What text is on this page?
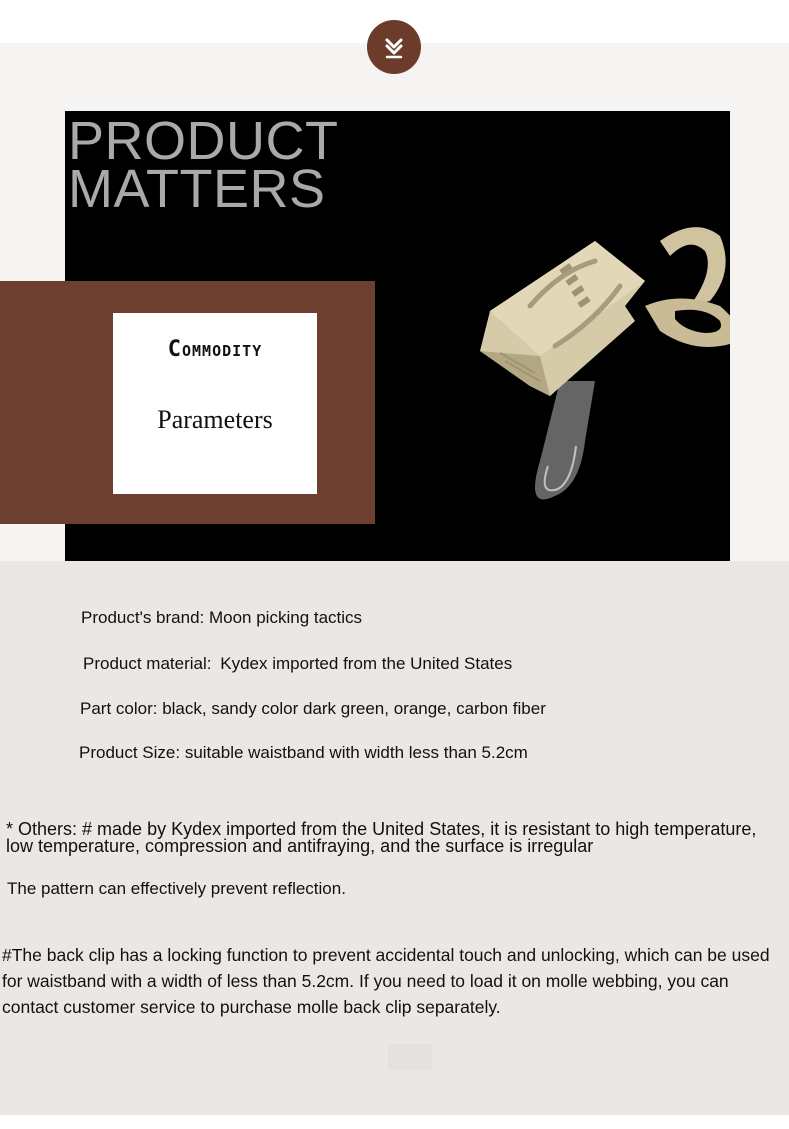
PRODUCT
MATTERS
Commodity
Parameters
Product's brand: Moon picking tactics
Product material: Kydex imported from the United States
Part color: black, sandy color dark green, orange, carbon fiber
Product Size: suitable waistband with width less than 5.2cm
* Others: # made by Kydex imported from the United States, it is resistant to high temperature, low temperature, compression and antifraying, and the surface is irregular
The pattern can effectively prevent reflection.
#The back clip has a locking function to prevent accidental touch and unlocking, which can be used for waistband with a width of less than 5.2cm. If you need to load it on molle webbing, you can contact customer service to purchase molle back clip separately.
